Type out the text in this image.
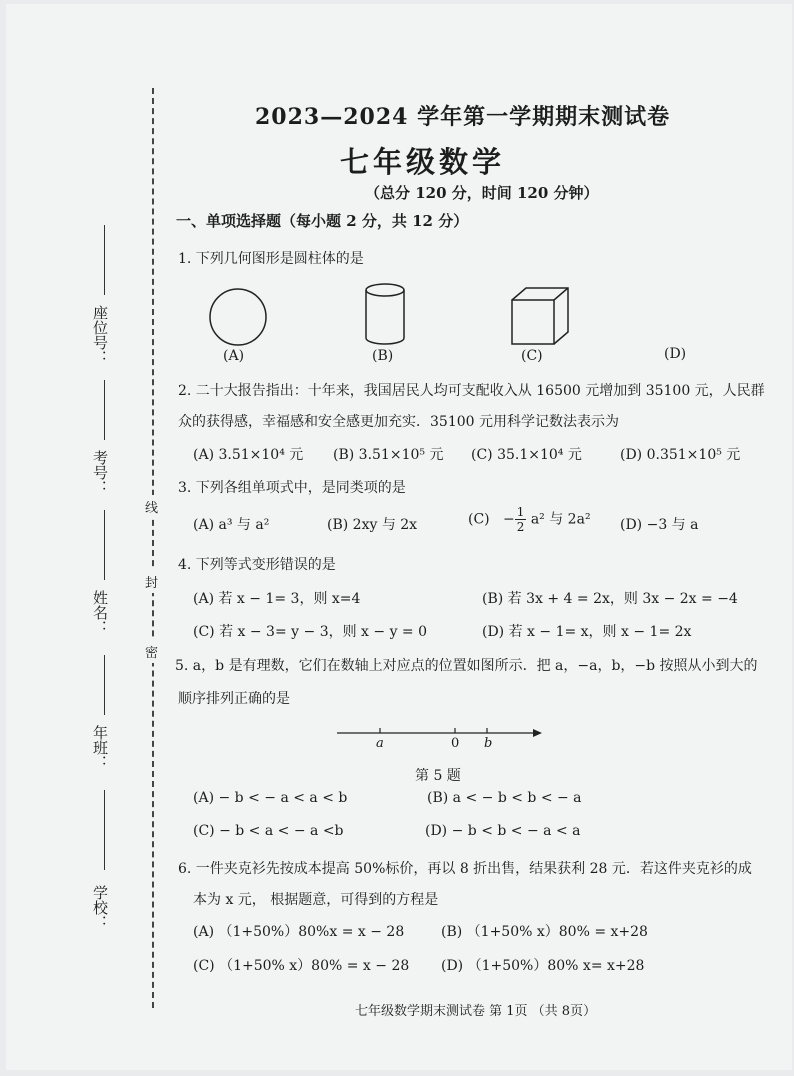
线
封
密
座位号：
考号：
姓名：
年班：
学校：
2023—2024 学年第一学期期末测试卷
七年级数学
（总分 120 分，时间 120 分钟）
一、单项选择题（每小题 2 分，共 12 分）
1. 下列几何图形是圆柱体的是
(A)	(B)	(C)	(D)
2. 二十大报告指出：十年来，我国居民人均可支配收入从 16500 元增加到 35100 元，人民群
众的获得感，幸福感和安全感更加充实．35100 元用科学记数法表示为
(A) 3.51×10⁴ 元 (B) 3.51×10⁵ 元 (C) 35.1×10⁴ 元	(D) 0.351×10⁵ 元
3. 下列各组单项式中，是同类项的是
(A) a³ 与 a²	(B) 2xy 与 2x	$(C) - \frac{1}{2} a^2$ 与 2a² (D) −3 与 a
4. 下列等式变形错误的是
(A) 若 x − 1= 3，则 x=4	(B) 若 3x + 4 = 2x，则 3x − 2x = −4
(C) 若 x − 3= y − 3，则 x − y = 0	(D) 若 x − 1= x，则 x − 1= 2x
5. a，b 是有理数，它们在数轴上对应点的位置如图所示．把 a，−a，b，−b 按照从小到大的
顺序排列正确的是
a	0 b
第 5 题
(A) − b < − a < a < b	(B) a < − b < b < − a
(C) − b < a < − a <b	(D) − b < b < − a < a
6. 一件夹克衫先按成本提高 50%标价，再以 8 折出售，结果获利 28 元．若这件夹克衫的成
本为 x 元， 根据题意，可得到的方程是
(A) （1+50%）80%x = x − 28	(B) （1+50% x）80% = x+28
(C) （1+50% x）80% = x − 28 (D) （1+50%）80% x= x+28
七年级数学期末测试卷 第 1页 （共 8页）
